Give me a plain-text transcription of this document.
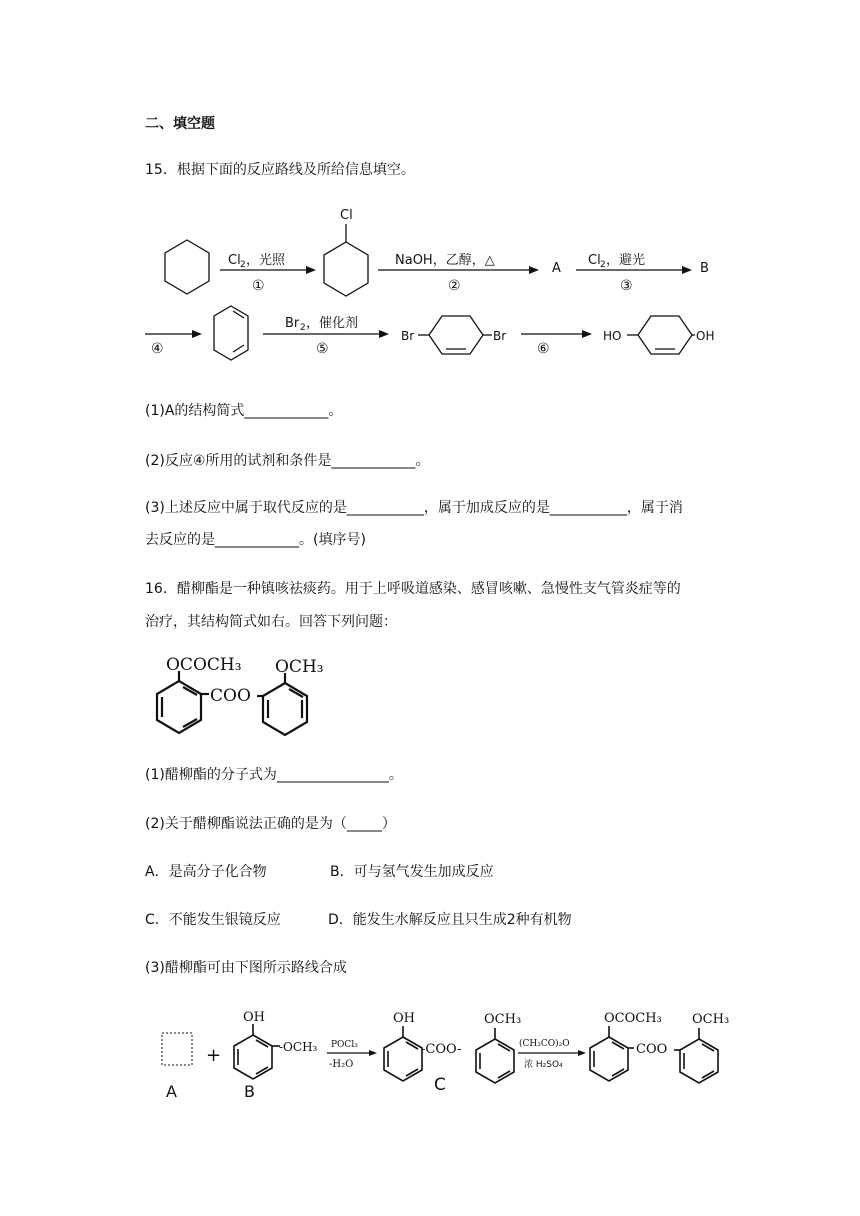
二、填空题
15．根据下面的反应路线及所给信息填空。
(1)A的结构简式____________。
(2)反应④所用的试剂和条件是____________。
(3)上述反应中属于取代反应的是___________，属于加成反应的是___________，属于消
去反应的是____________。(填序号)
16．醋柳酯是一种镇咳祛痰药。用于上呼吸道感染、感冒咳嗽、急慢性支气管炎症等的
治疗，其结构简式如右。回答下列问题：
(1)醋柳酯的分子式为________________。
(2)关于醋柳酯说法正确的是为（_____）
A．是高分子化合物	B．可与氢气发生加成反应
C．不能发生银镜反应	D．能发生水解反应且只生成2种有机物
(3)醋柳酯可由下图所示路线合成
Cl 2 ，光照
①
Cl
NaOH，乙醇，△
②
A
Cl 2 ，避光
③
B
④
Br 2 ，催化剂
⑤
Br	Br
⑥
HO	OH
OCOCH₃ OCH₃
COO
A
+
OH
-OCH₃
B
POCl₃
-H₂O
OH
-COO-
OCH₃
C
(CH₃CO)₂O
浓 H₂SO₄
OCOCH₃
COO
OCH₃
